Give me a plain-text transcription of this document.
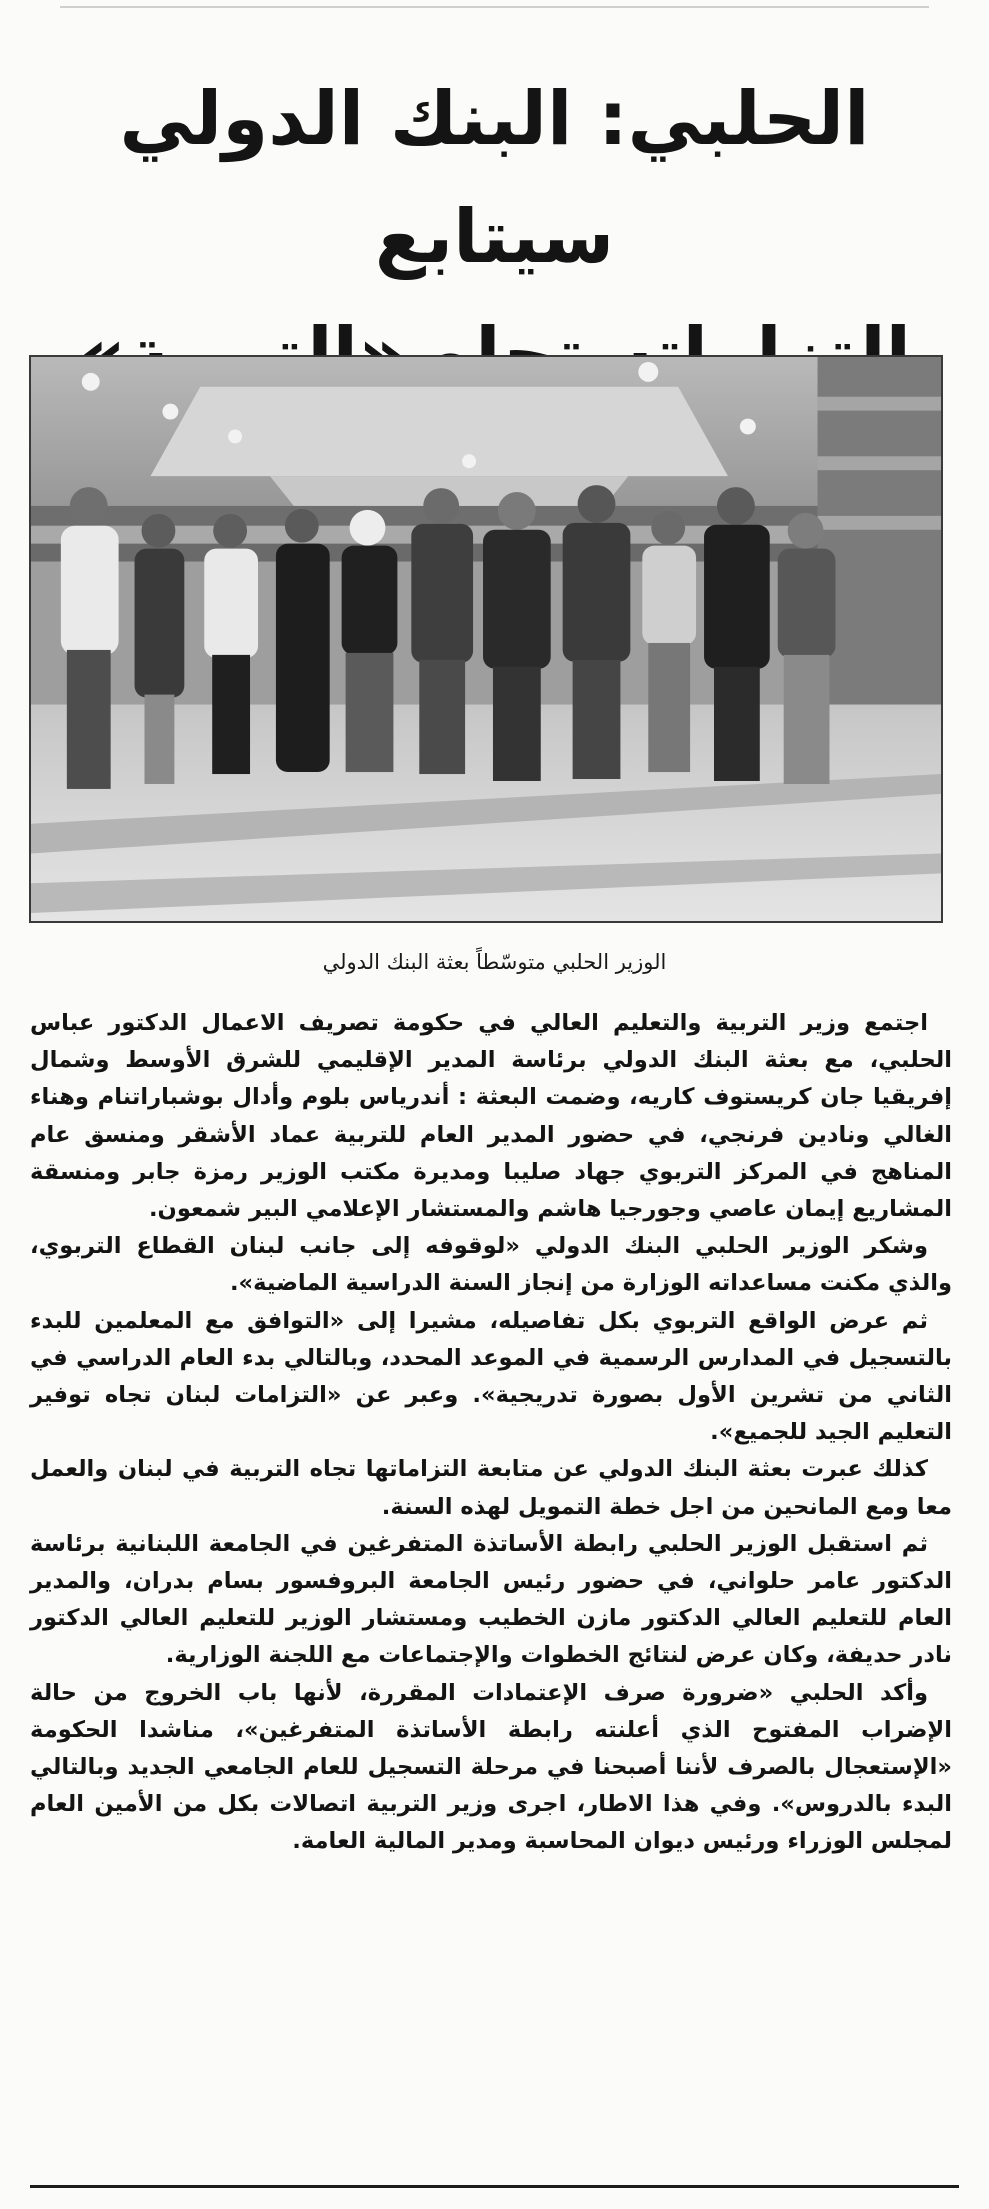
الحلبي: البنك الدولي سيتابع

الوزير الحلبي متوسّطاً بعثة البنك الدولي

اجتمع وزير التربية والتعليم العالي في حكومة تصريف الاعمال الدكتور عباس الحلبي، مع بعثة البنك الدولي برئاسة المدير الإقليمي للشرق الأوسط وشمال إفريقيا جان كريستوف كاريه، وضمت البعثة : أندرياس بلوم وأدال بوشباراتنام وهناء الغالي ونادين فرنجي، في حضور المدير العام للتربية عماد الأشقر ومنسق عام المناهج في المركز التربوي جهاد صليبا ومديرة مكتب الوزير رمزة جابر ومنسقة المشاريع إيمان عاصي وجورجيا هاشم والمستشار الإعلامي البير شمعون.

وشكر الوزير الحلبي البنك الدولي «لوقوفه إلى جانب لبنان القطاع التربوي، والذي مكنت مساعداته الوزارة من إنجاز السنة الدراسية الماضية».

ثم عرض الواقع التربوي بكل تفاصيله، مشيرا إلى «التوافق مع المعلمين للبدء بالتسجيل في المدارس الرسمية في الموعد المحدد، وبالتالي بدء العام الدراسي في الثاني من تشرين الأول بصورة تدريجية». وعبر عن «التزامات لبنان تجاه توفير التعليم الجيد للجميع».

كذلك عبرت بعثة البنك الدولي عن متابعة التزاماتها تجاه التربية في لبنان والعمل معا ومع المانحين من اجل خطة التمويل لهذه السنة.

ثم استقبل الوزير الحلبي رابطة الأساتذة المتفرغين في الجامعة اللبنانية برئاسة الدكتور عامر حلواني، في حضور رئيس الجامعة البروفسور بسام بدران، والمدير العام للتعليم العالي الدكتور مازن الخطيب ومستشار الوزير للتعليم العالي الدكتور نادر حديفة، وكان عرض لنتائج الخطوات والإجتماعات مع اللجنة الوزارية.

وأكد الحلبي «ضرورة صرف الإعتمادات المقررة، لأنها باب الخروج من حالة الإضراب المفتوح الذي أعلنته رابطة الأساتذة المتفرغين»، مناشدا الحكومة «الإستعجال بالصرف لأننا أصبحنا في مرحلة التسجيل للعام الجامعي الجديد وبالتالي البدء بالدروس». وفي هذا الاطار، اجرى وزير التربية اتصالات بكل من الأمين العام لمجلس الوزراء ورئيس ديوان المحاسبة ومدير المالية العامة.
